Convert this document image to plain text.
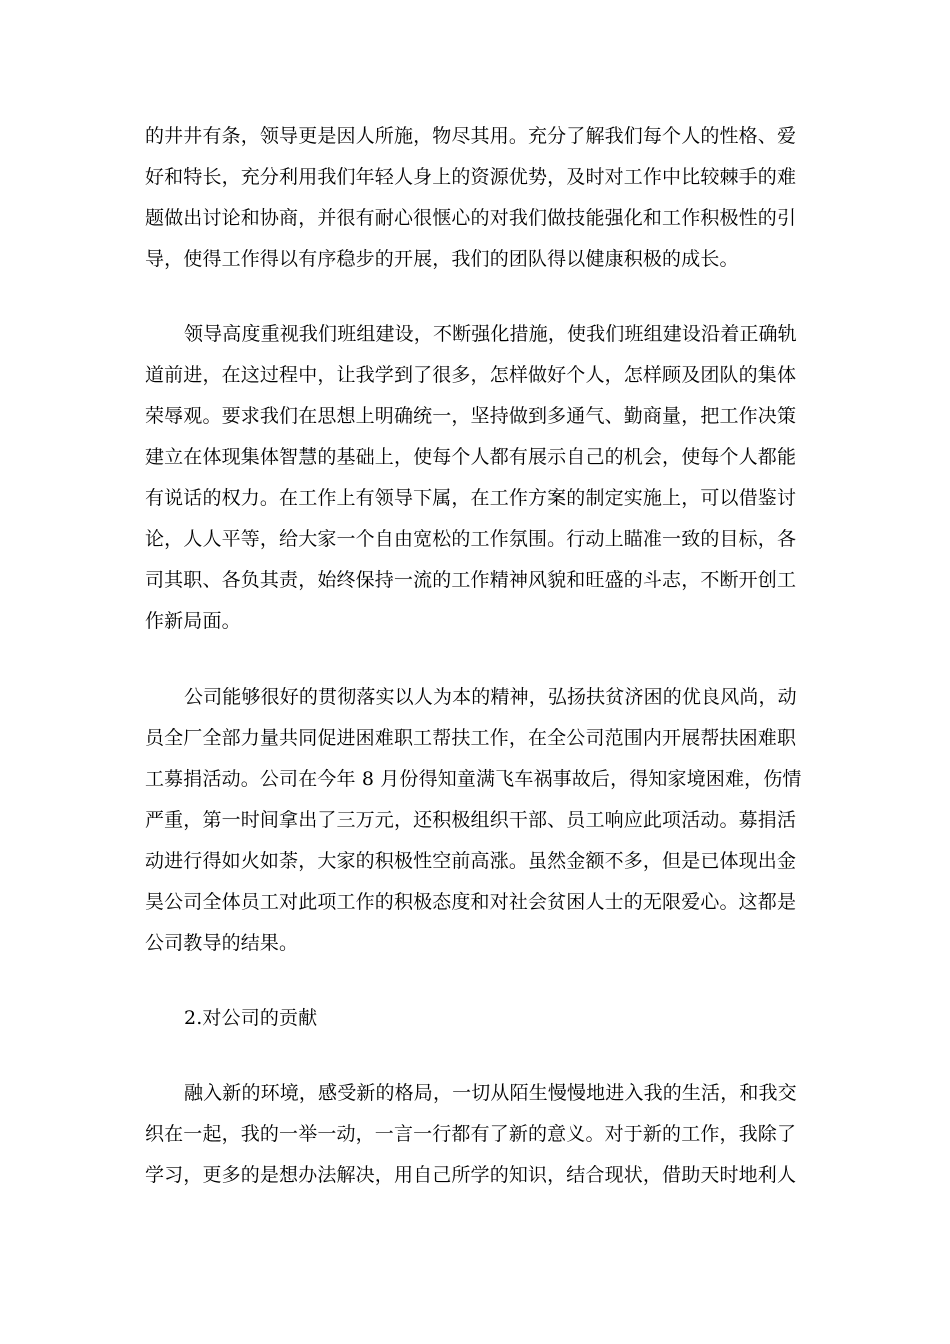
的井井有条，领导更是因人所施，物尽其用。充分了解我们每个人的性格、爱
好和特长，充分利用我们年轻人身上的资源优势，及时对工作中比较棘手的难
题做出讨论和协商，并很有耐心很惬心的对我们做技能强化和工作积极性的引
导，使得工作得以有序稳步的开展，我们的团队得以健康积极的成长。
领导高度重视我们班组建设，不断强化措施，使我们班组建设沿着正确轨
道前进，在这过程中，让我学到了很多，怎样做好个人，怎样顾及团队的集体
荣辱观。要求我们在思想上明确统一，坚持做到多通气、勤商量，把工作决策
建立在体现集体智慧的基础上，使每个人都有展示自己的机会，使每个人都能
有说话的权力。在工作上有领导下属，在工作方案的制定实施上，可以借鉴讨
论，人人平等，给大家一个自由宽松的工作氛围。行动上瞄准一致的目标，各
司其职、各负其责，始终保持一流的工作精神风貌和旺盛的斗志，不断开创工
作新局面。
公司能够很好的贯彻落实以人为本的精神，弘扬扶贫济困的优良风尚，动
员全厂全部力量共同促进困难职工帮扶工作，在全公司范围内开展帮扶困难职
工募捐活动。公司在今年 8 月份得知童满飞车祸事故后，得知家境困难，伤情
严重，第一时间拿出了三万元，还积极组织干部、员工响应此项活动。募捐活
动进行得如火如荼，大家的积极性空前高涨。虽然金额不多，但是已体现出金
昊公司全体员工对此项工作的积极态度和对社会贫困人士的无限爱心。这都是
公司教导的结果。
2.对公司的贡献
融入新的环境，感受新的格局，一切从陌生慢慢地进入我的生活，和我交
织在一起，我的一举一动，一言一行都有了新的意义。对于新的工作，我除了
学习，更多的是想办法解决，用自己所学的知识，结合现状，借助天时地利人
